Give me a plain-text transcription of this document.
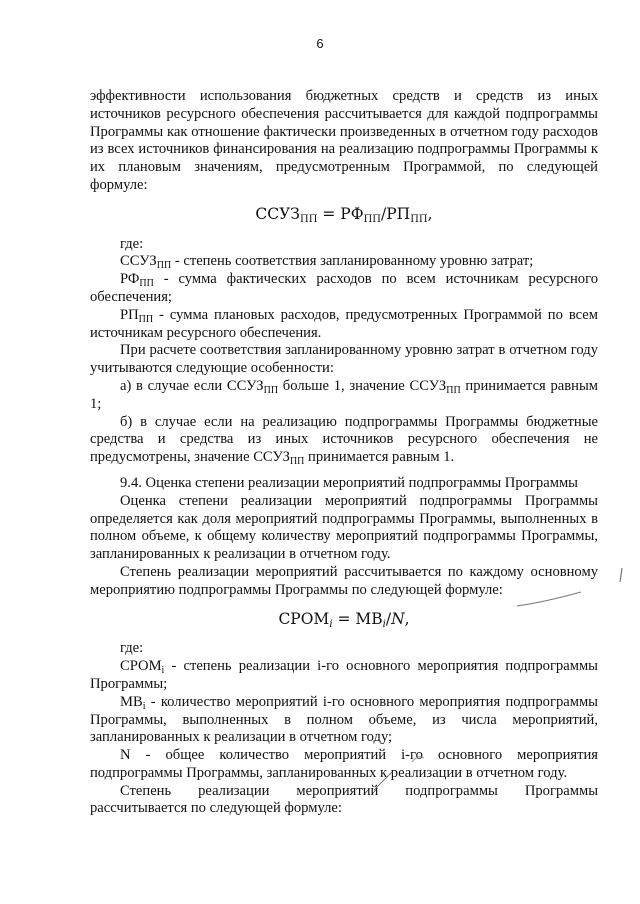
6

эффективности использования бюджетных средств и средств из иных источников ресурсного обеспечения рассчитывается для каждой подпрограммы Программы как отношение фактически произведенных в отчетном году расходов из всех источников финансирования на реализацию подпрограммы Программы к их плановым значениям, предусмотренным Программой, по следующей формуле:

$ССУЗ_{ПП} = РФ_{ПП}/РП_{ПП}$,

где:

$ССУЗ_{ПП}$ - степень соответствия запланированному уровню затрат;

$РФ_{ПП}$ - сумма фактических расходов по всем источникам ресурсного обеспечения;

$РП_{ПП}$ - сумма плановых расходов, предусмотренных Программой по всем источникам ресурсного обеспечения.

При расчете соответствия запланированному уровню затрат в отчетном году учитываются следующие особенности:

а) в случае если $ССУЗ_{ПП}$ больше 1, значение $ССУЗ_{ПП}$ принимается равным 1;

б) в случае если на реализацию подпрограммы Программы бюджетные средства и средства из иных источников ресурсного обеспечения не предусмотрены, значение $ССУЗ_{ПП}$ принимается равным 1.

9.4. Оценка степени реализации мероприятий подпрограммы Программы

Оценка степени реализации мероприятий подпрограммы Программы определяется как доля мероприятий подпрограммы Программы, выполненных в полном объеме, к общему количеству мероприятий подпрограммы Программы, запланированных к реализации в отчетном году.

Степень реализации мероприятий рассчитывается по каждому основному мероприятию подпрограммы Программы по следующей формуле:

$СРОМ_i = МВ_i/N$,

где:

$СРОМ_i$ - степень реализации i-го основного мероприятия подпрограммы Программы;

$МВ_i$ - количество мероприятий i-го основного мероприятия подпрограммы Программы, выполненных в полном объеме, из числа мероприятий, запланированных к реализации в отчетном году;

N - общее количество мероприятий i-го основного мероприятия подпрограммы Программы, запланированных к реализации в отчетном году.

Степень реализации мероприятий подпрограммы Программы рассчитывается по следующей формуле:
